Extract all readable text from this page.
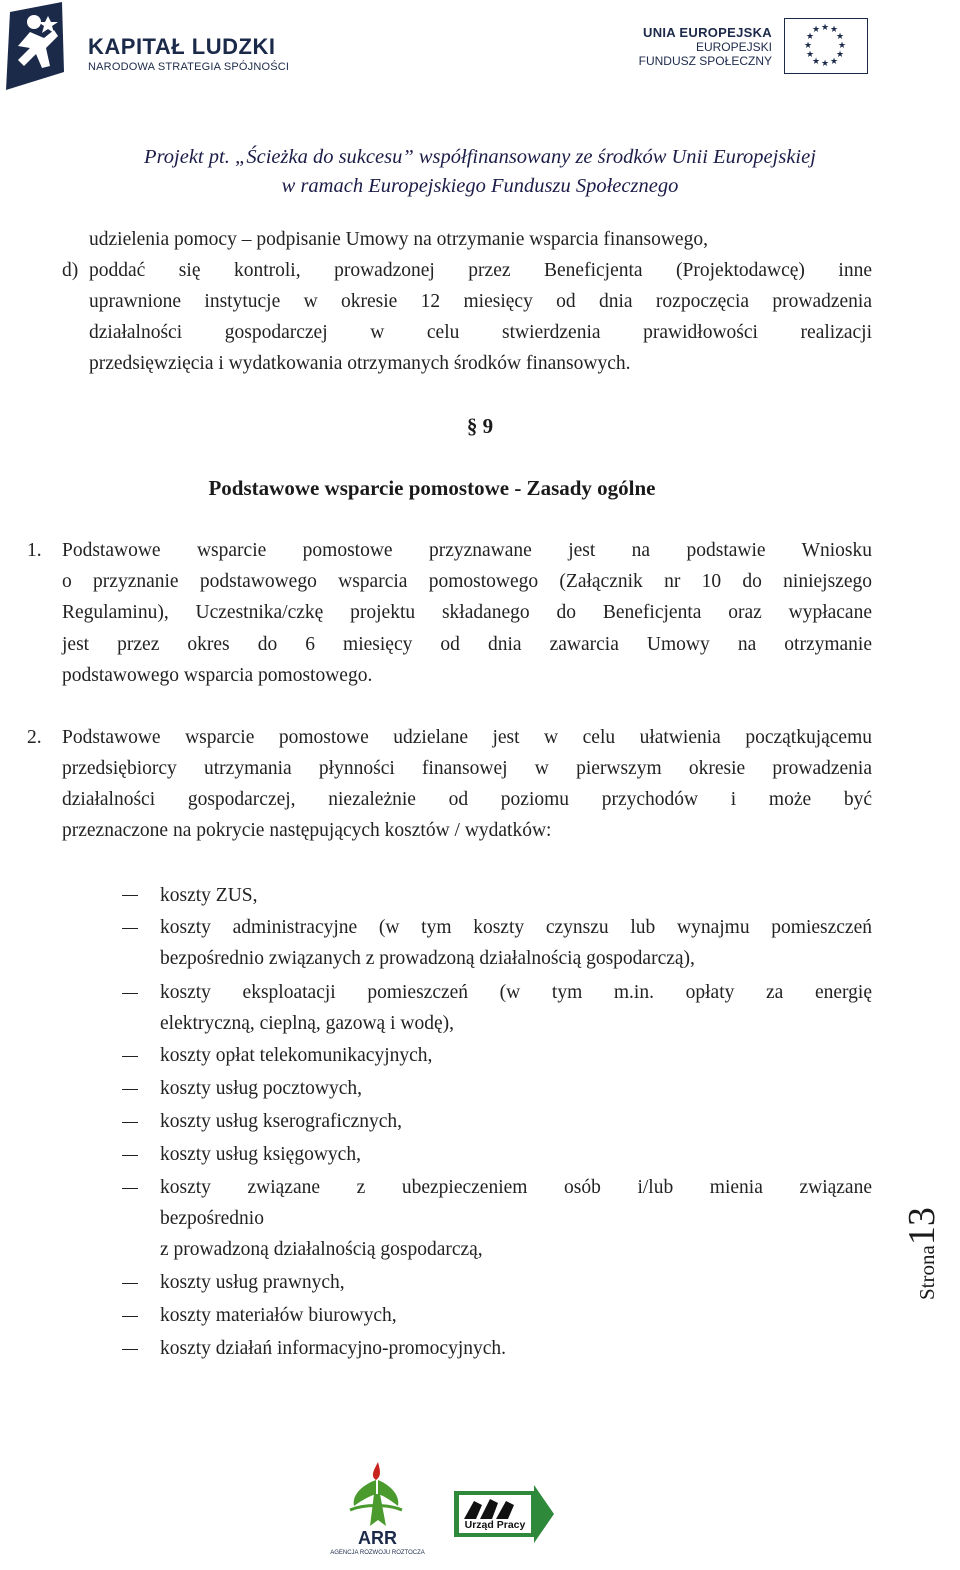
KAPITAŁ LUDZKI
NARODOWA STRATEGIA SPÓJNOŚCI
UNIA EUROPEJSKA
EUROPEJSKI
FUNDUSZ SPOŁECZNY
★ ★
★
★
★
★
★
★
★
★
★
★
Projekt pt. „Ścieżka do sukcesu” współfinansowany ze środków Unii Europejskiej
w ramach Europejskiego Funduszu Społecznego
udzielenia pomocy – podpisanie Umowy na otrzymanie wsparcia finansowego,
d) poddać się kontroli, prowadzonej przez Beneficjenta (Projektodawcę) inne
uprawnione instytucje w okresie 12 miesięcy od dnia rozpoczęcia prowadzenia
działalności gospodarczej w celu stwierdzenia prawidłowości realizacji
przedsięwzięcia i wydatkowania otrzymanych środków finansowych.
§ 9
Podstawowe wsparcie pomostowe - Zasady ogólne
1. Podstawowe wsparcie pomostowe przyznawane jest na podstawie Wniosku
o przyznanie podstawowego wsparcia pomostowego (Załącznik nr 10 do niniejszego
Regulaminu), Uczestnika/czkę projektu składanego do Beneficjenta oraz wypłacane
jest przez okres do 6 miesięcy od dnia zawarcia Umowy na otrzymanie
podstawowego wsparcia pomostowego.
2. Podstawowe wsparcie pomostowe udzielane jest w celu ułatwienia początkującemu
przedsiębiorcy utrzymania płynności finansowej w pierwszym okresie prowadzenia
działalności gospodarczej, niezależnie od poziomu przychodów i może być
przeznaczone na pokrycie następujących kosztów / wydatków:
koszty ZUS,
koszty administracyjne (w tym koszty czynszu lub wynajmu pomieszczeń
bezpośrednio związanych z prowadzoną działalnością gospodarczą),
koszty eksploatacji pomieszczeń (w tym m.in. opłaty za energię
elektryczną, cieplną, gazową i wodę),
koszty opłat telekomunikacyjnych,
koszty usług pocztowych,
koszty usług kserograficznych,
koszty usług księgowych,
koszty związane z ubezpieczeniem osób i/lub mienia związane
bezpośrednio
z prowadzoną działalnością gospodarczą,
koszty usług prawnych,
koszty materiałów biurowych,
koszty działań informacyjno-promocyjnych.
Strona13
ARR
AGENCJA ROZWOJU ROZTOCZA
Urząd Pracy
